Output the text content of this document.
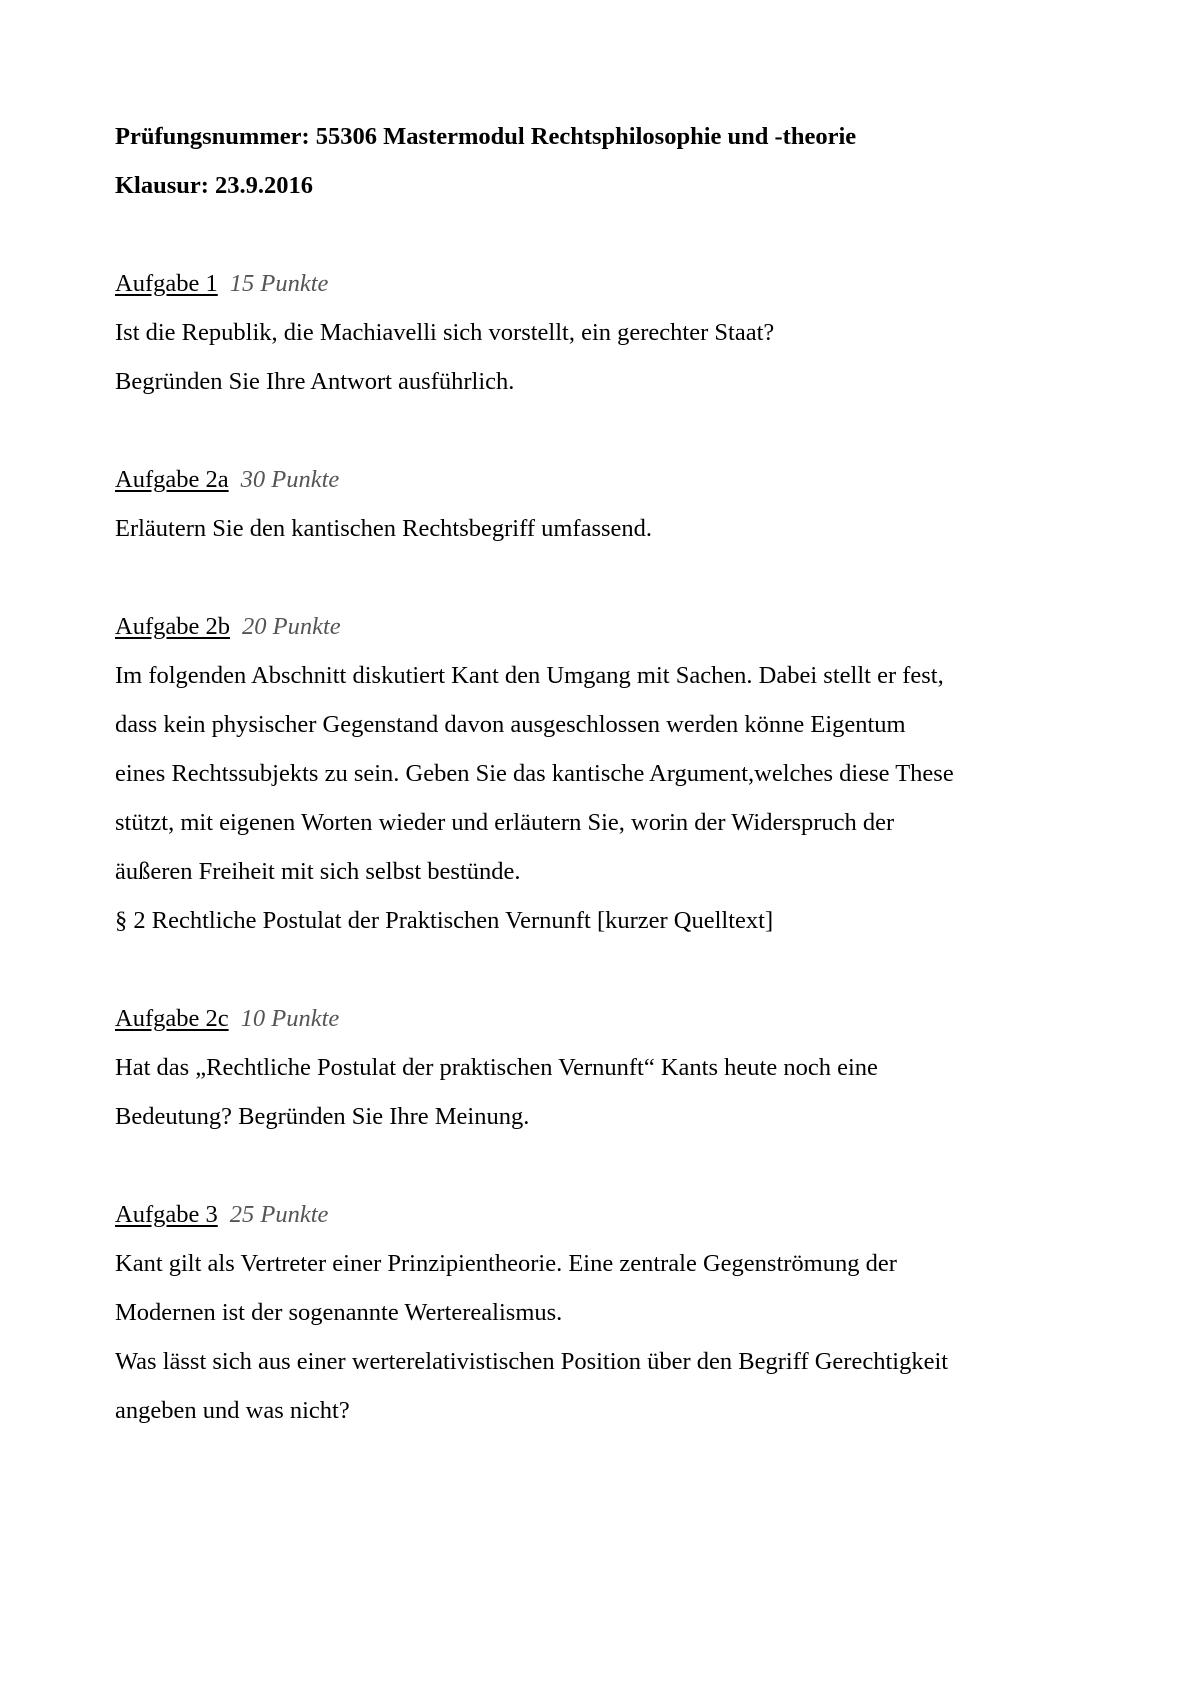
Prüfungsnummer: 55306 Mastermodul Rechtsphilosophie und -theorie

Klausur: 23.9.2016

Aufgabe 1 15 Punkte

Ist die Republik, die Machiavelli sich vorstellt, ein gerechter Staat?

Begründen Sie Ihre Antwort ausführlich.

Aufgabe 2a 30 Punkte

Erläutern Sie den kantischen Rechtsbegriff umfassend.

Aufgabe 2b 20 Punkte

Im folgenden Abschnitt diskutiert Kant den Umgang mit Sachen. Dabei stellt er fest,

dass kein physischer Gegenstand davon ausgeschlossen werden könne Eigentum

eines Rechtssubjekts zu sein. Geben Sie das kantische Argument,welches diese These

stützt, mit eigenen Worten wieder und erläutern Sie, worin der Widerspruch der

äußeren Freiheit mit sich selbst bestünde.

§ 2 Rechtliche Postulat der Praktischen Vernunft [kurzer Quelltext]

Aufgabe 2c 10 Punkte

Hat das „Rechtliche Postulat der praktischen Vernunft“ Kants heute noch eine

Bedeutung? Begründen Sie Ihre Meinung.

Aufgabe 3 25 Punkte

Kant gilt als Vertreter einer Prinzipientheorie. Eine zentrale Gegenströmung der

Modernen ist der sogenannte Werterealismus.

Was lässt sich aus einer werterelativistischen Position über den Begriff Gerechtigkeit

angeben und was nicht?
